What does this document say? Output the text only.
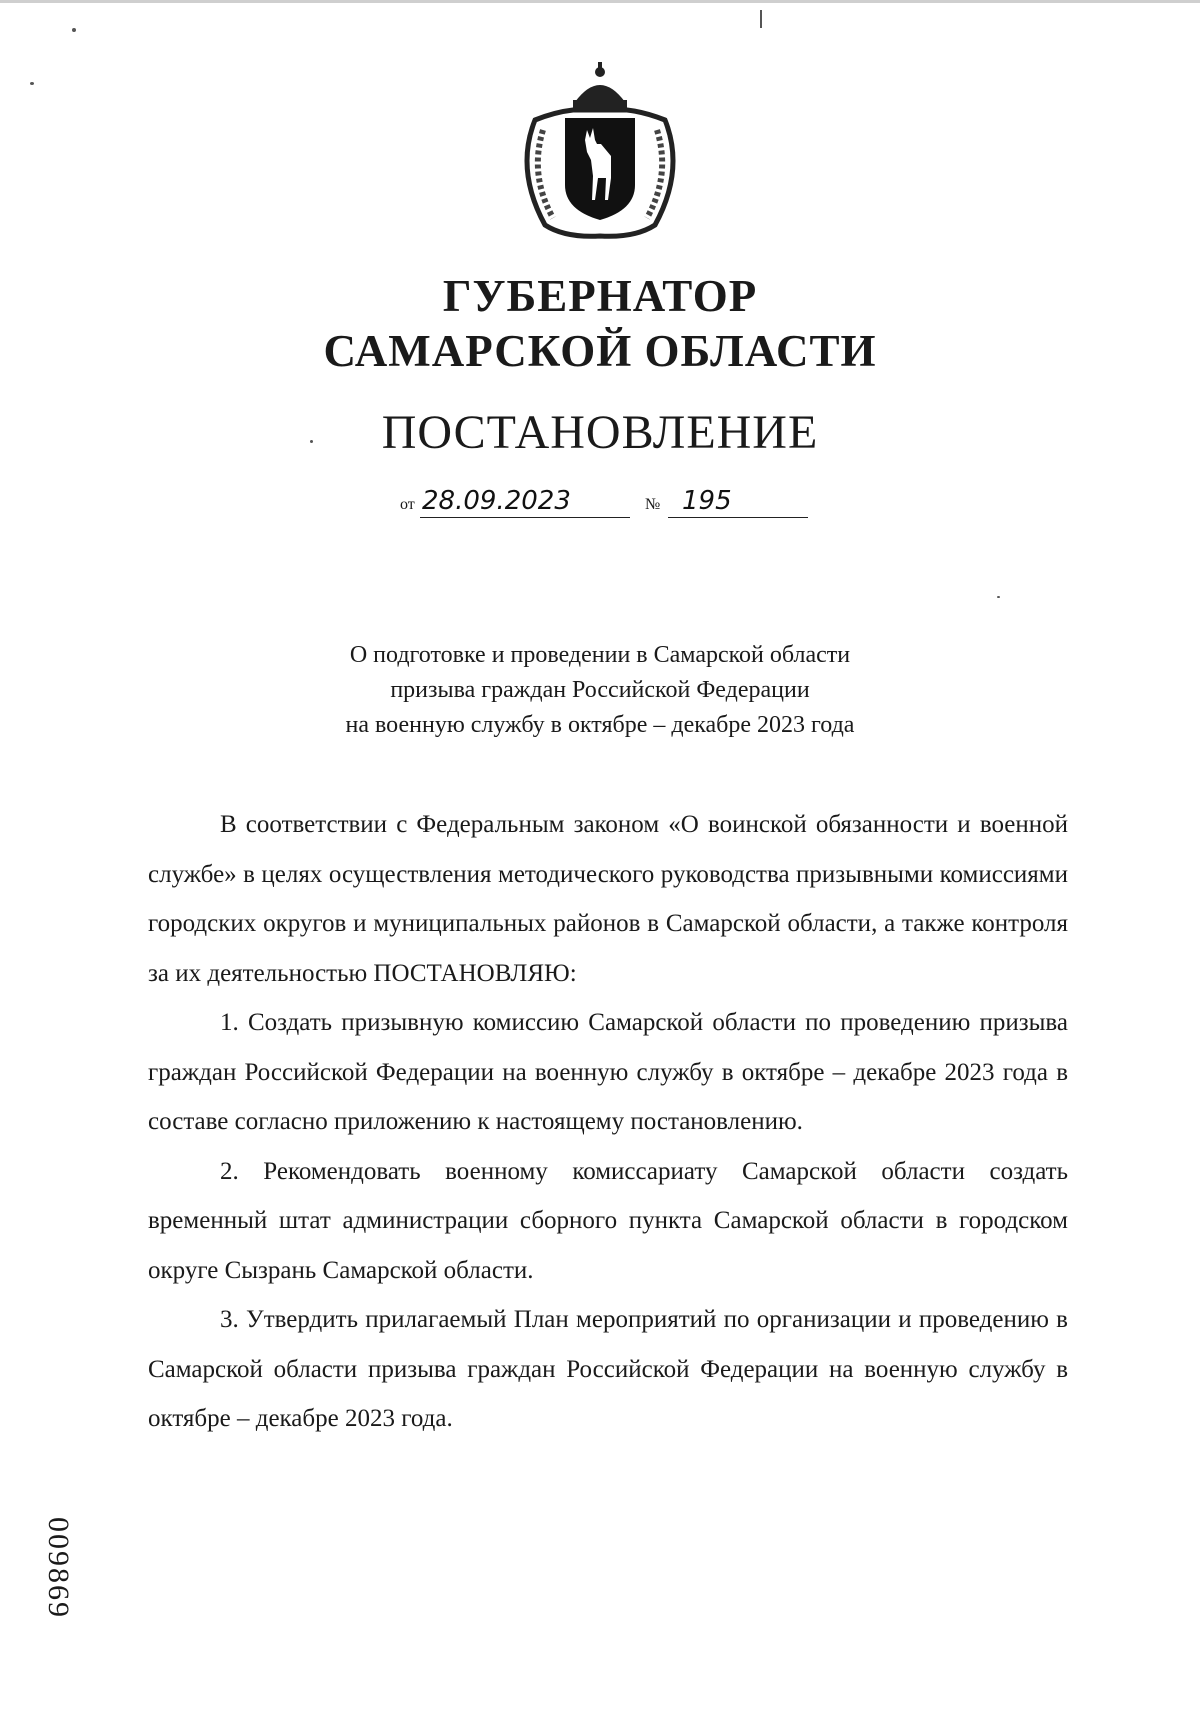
ГУБЕРНАТОР
САМАРСКОЙ ОБЛАСТИ
ПОСТАНОВЛЕНИЕ
от 28.09.2023	№ 195
О подготовке и проведении в Самарской области
призыва граждан Российской Федерации
на военную службу в октябре – декабре 2023 года

В соответствии с Федеральным законом «О воинской обязанности и военной службе» в целях осуществления методического руководства призывными комиссиями городских округов и муниципальных районов в Самарской области, а также контроля за их деятельностью ПОСТАНОВЛЯЮ:

1. Создать призывную комиссию Самарской области по проведению призыва граждан Российской Федерации на военную службу в октябре – декабре 2023 года в составе согласно приложению к настоящему постановлению.

2. Рекомендовать военному комиссариату Самарской области создать временный штат администрации сборного пункта Самарской области в городском округе Сызрань Самарской области.

3. Утвердить прилагаемый План мероприятий по организации и проведению в Самарской области призыва граждан Российской Федерации на военную службу в октябре – декабре 2023 года.

009869
